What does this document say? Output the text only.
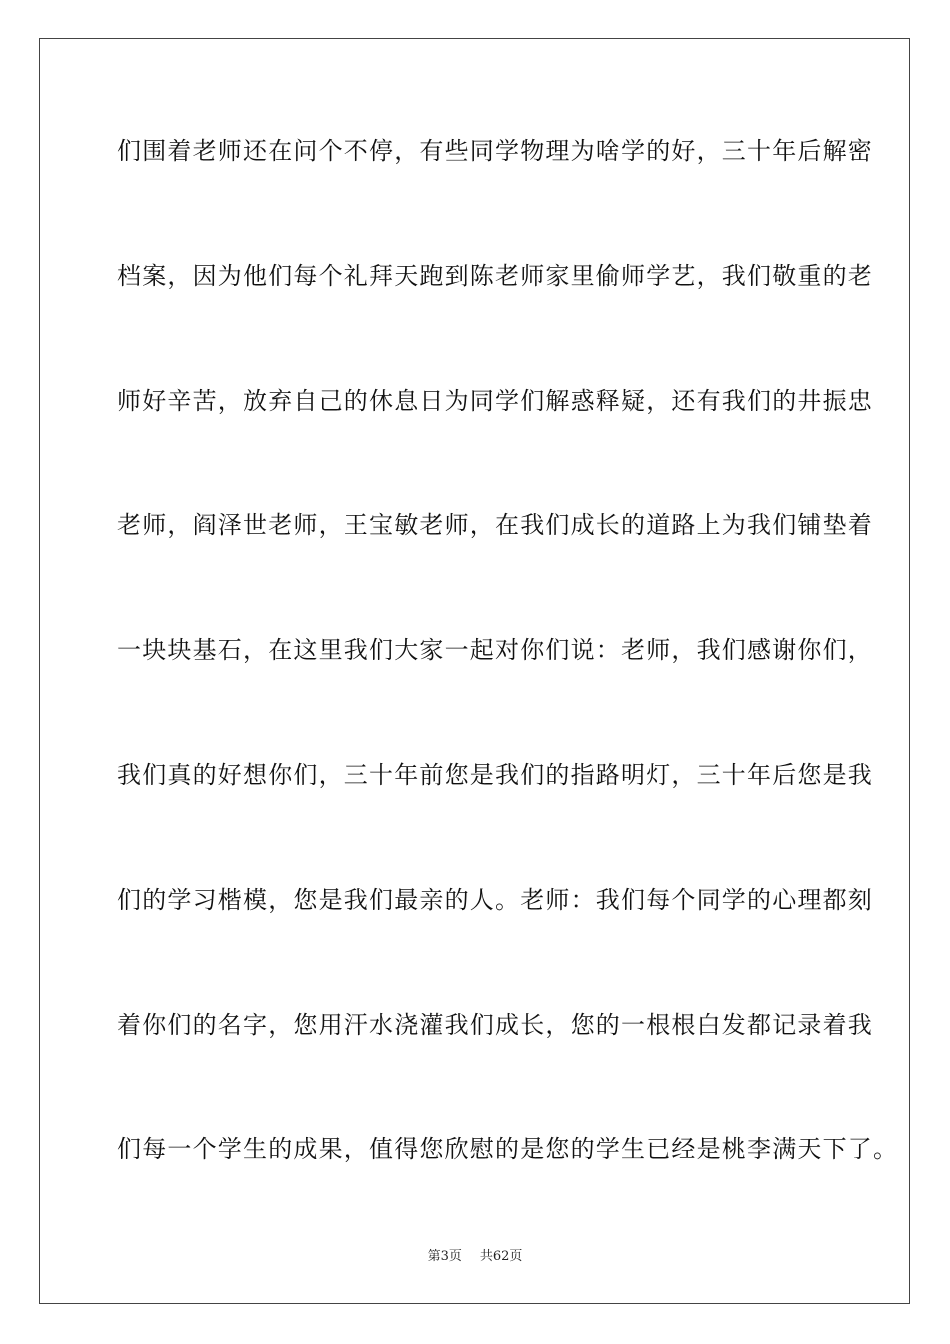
们围着老师还在问个不停，有些同学物理为啥学的好，三十年后解密
档案，因为他们每个礼拜天跑到陈老师家里偷师学艺，我们敬重的老
师好辛苦，放弃自己的休息日为同学们解惑释疑，还有我们的井振忠
老师，阎泽世老师，王宝敏老师，在我们成长的道路上为我们铺垫着
一块块基石，在这里我们大家一起对你们说：老师，我们感谢你们，
我们真的好想你们，三十年前您是我们的指路明灯，三十年后您是我
们的学习楷模，您是我们最亲的人。老师：我们每个同学的心理都刻
着你们的名字，您用汗水浇灌我们成长，您的一根根白发都记录着我
们每一个学生的成果，值得您欣慰的是您的学生已经是桃李满天下了。
第3页 共62页
